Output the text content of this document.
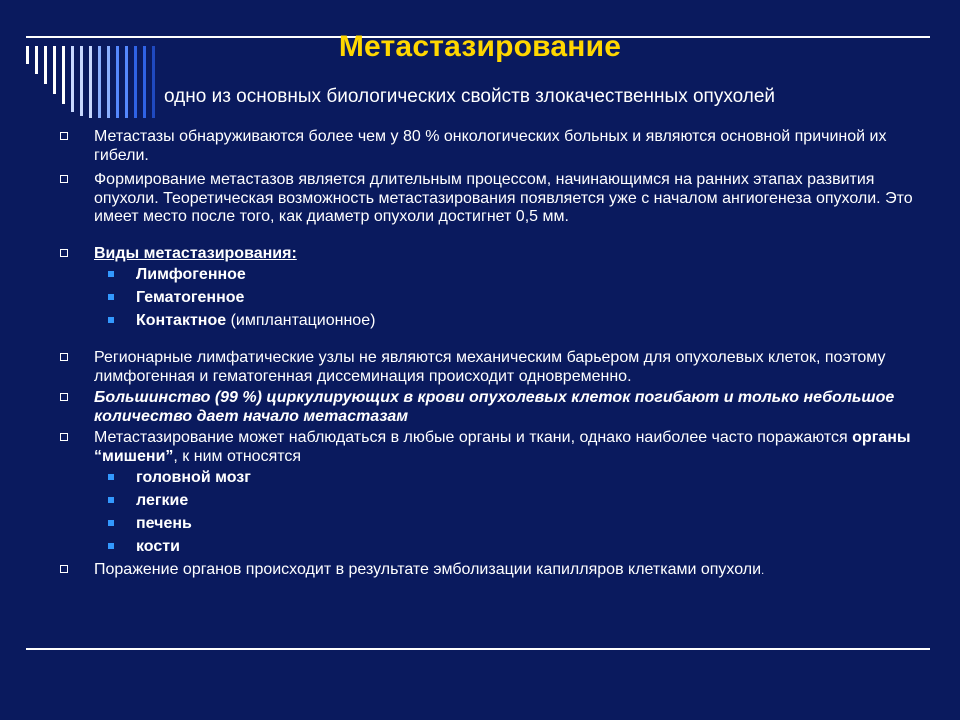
Метастазирование
одно из основных биологических свойств злокачественных опухолей

Метастазы обнаруживаются более чем у 80 % онкологических больных и являются основной причиной их гибели.

Формирование метастазов является длительным процессом, начинающимся на ранних этапах развития опухоли. Теоретическая возможность метастазирования появляется уже с началом ангиогенеза опухоли. Это имеет место после того, как диаметр опухоли достигнет 0,5 мм.

Виды метастазирования:

Лимфогенное

Гематогенное

Контактное (имплантационное)

Регионарные лимфатические узлы не являются механическим барьером для опухолевых клеток, поэтому лимфогенная и гематогенная диссеминация происходит одновременно.

Большинство (99 %) циркулирующих в крови опухолевых клеток погибают и только небольшое количество дает начало метастазам

Метастазирование может наблюдаться в любые органы и ткани, однако наиболее часто поражаются органы “мишени”, к ним относятся

головной мозг

легкие

печень

кости

Поражение органов происходит в результате эмболизации капилляров клетками опухоли.
